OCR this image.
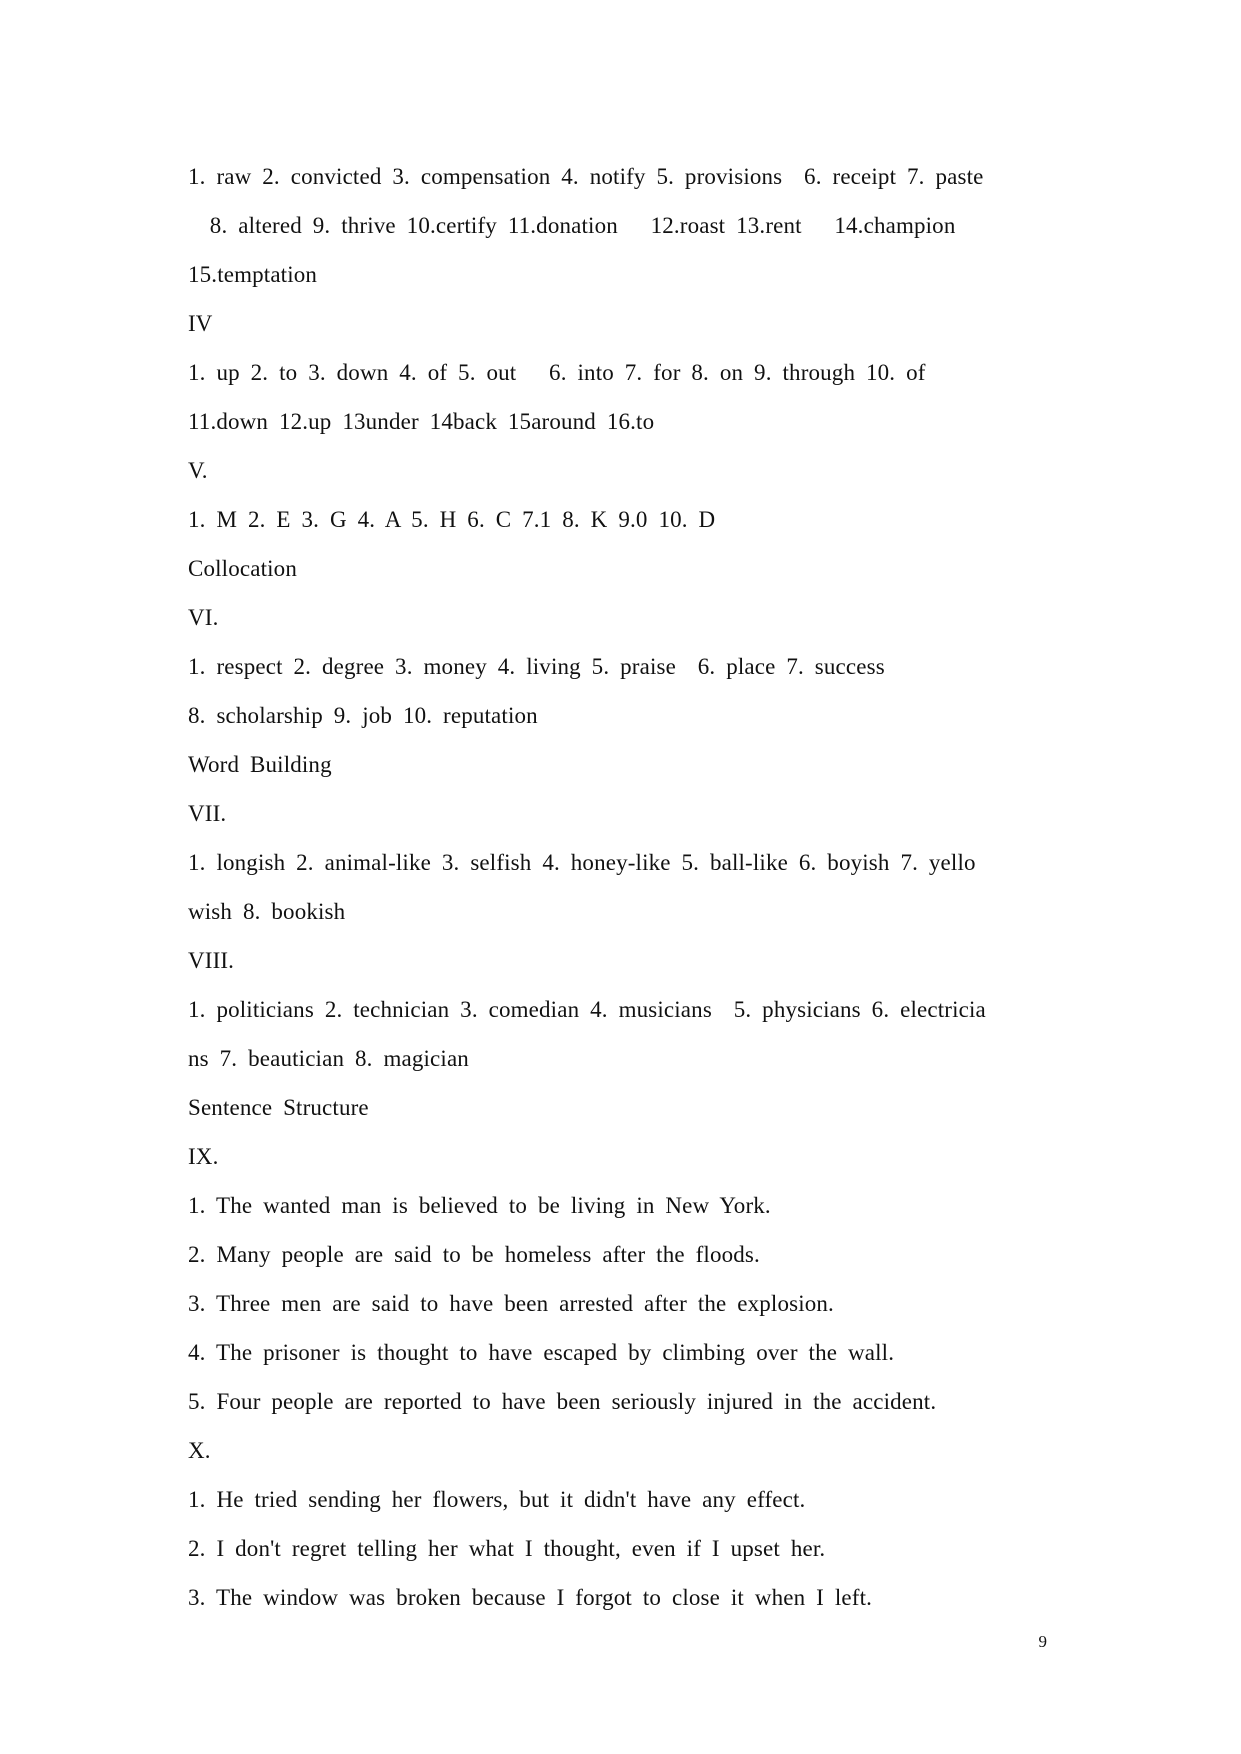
1. raw 2. convicted 3. compensation 4. notify 5. provisions  6. receipt 7. paste
8. altered 9. thrive 10.certify 11.donation   12.roast 13.rent   14.champion
15.temptation
IV
1. up 2. to 3. down 4. of 5. out   6. into 7. for 8. on 9. through 10. of
11.down 12.up 13under 14back 15around 16.to
V.
1. M 2. E 3. G 4. A 5. H 6. C 7.1 8. K 9.0 10. D
Collocation
VI.
1. respect 2. degree 3. money 4. living 5. praise  6. place 7. success
8. scholarship 9. job 10. reputation
Word Building
VII.
1. longish 2. animal-like 3. selfish 4. honey-like 5. ball-like 6. boyish 7. yello
wish 8. bookish
VIII.
1. politicians 2. technician 3. comedian 4. musicians  5. physicians 6. electricia
ns 7. beautician 8. magician
Sentence Structure
IX.
1. The wanted man is believed to be living in New York.
2. Many people are said to be homeless after the floods.
3. Three men are said to have been arrested after the explosion.
4. The prisoner is thought to have escaped by climbing over the wall.
5. Four people are reported to have been seriously injured in the accident.
X.
1. He tried sending her flowers, but it didn't have any effect.
2. I don't regret telling her what I thought, even if I upset her.
3. The window was broken because I forgot to close it when I left.
9
